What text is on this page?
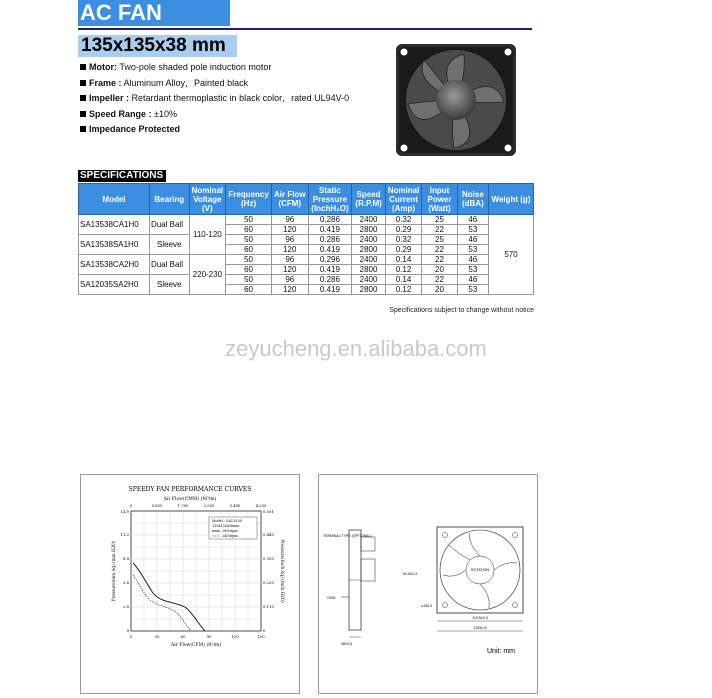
AC FAN
135x135x38 mm
Motor: Two-pole shaded pole induction motor
Frame : Aluminum Alloy，Painted black
Impeller : Retardant thermoplastic in black color，rated UL94V-0
Speed Range : ±10%
Impedance Protected
SPECIFICATIONS
Model	Bearing	Nominal Voltage (V)	Frequency (Hz)	Air Flow (CFM)	Static Pressure (InchH₂O)	Speed (R.P.M)	Nominal Current (Amp)	Input Power (Watt)	Noise (dBA)	Weight (g)
SA13538CA1H0	Dual Ball	110-120	50	96	0.286	2400	0.32	25	46	570
			60	120	0.419	2800	0.29	22	53	
SA13538SA1H0	Sleeve		50	96	0.286	2400	0.32	25	46	
			60	120	0.419	2800	0.29	22	53	
SA13538CA2H0	Dual Ball	220-230	50	96	0.296	2400	0.14	22	46	
			60	120	0.419	2800	0.12	20	53	
SA12035SA2H0	Sleeve		50	96	0.286	2400	0.14	22	46	
			60	120	0.419	2800	0.12	20	53	
Specifications subject to change without notice
zeyucheng.en.alibaba.com
SPEEDY FAN PERFORMANCE CURVES
Air Flow(CMM) (M³/m)
0	0.850	1.700	2.550	3.400	4.250
0
2.8
5.6
8.4
11.2
14.0
0
0.110
0.220
0.330
0.440
0.551
Pressure(mm Aq) (mm H2O)	Pressure(Inch Aq) (Inch H2O)
0	30	60	90	120	150
Air Flow(CFM) (ft³/m)
Model : SA13538
135x135x38mm
2800rpm
2400rpm	TERMINAL TYPE (OPTIONAL)
GND
38±0.5
ROTATION
119.5±0.3
135±0.5
62.5±0.3
4-Ø4.3
Unit: mm
